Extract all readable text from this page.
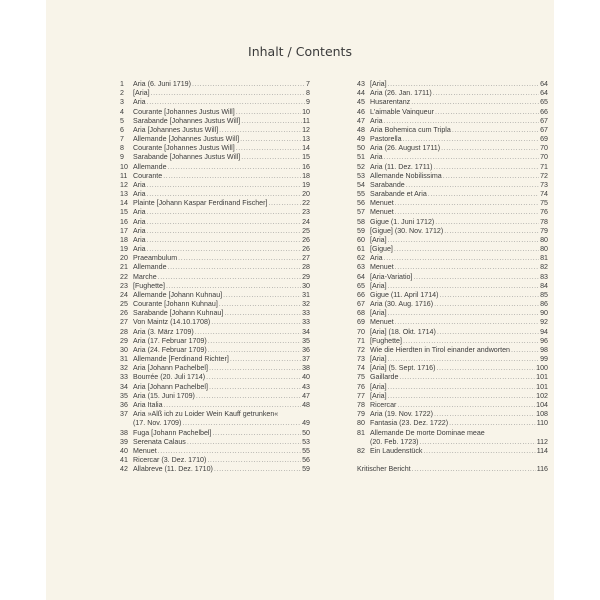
Inhalt / Contents
1	Aria (6. Juni 1719) .....	7
2	[Aria] .....	8
3	Aria .....	9
4	Courante [Johannes Justus Will] .....	10
5	Sarabande [Johannes Justus Will] .....	11
6	Aria [Johannes Justus Will] .....	12
7	Allemande [Johannes Justus Will] .....	13
8	Courante [Johannes Justus Will] .....	14
9	Sarabande [Johannes Justus Will] .....	15
10 Allemande .....	16
11 Courante .....	18
12 Aria .....	19
13 Aria .....	20
14 Plainte [Johann Kaspar Ferdinand Fischer] .....	22
15 Aria .....	23
16 Aria .....	24
17 Aria .....	25
18 Aria .....	26
19 Aria .....	26
20 Praeambulum .....	27
21 Allemande .....	28
22 Marche .....	29
23 [Fughette] .....	30
24 Allemande [Johann Kuhnau] .....	31
25 Courante [Johann Kuhnau] .....	32
26 Sarabande [Johann Kuhnau] .....	33
27 Von Maintz (14.10.1708) .....	33
28 Aria (3. März 1709) .....	34
29 Aria (17. Februar 1709) .....	35
30 Aria (24. Februar 1709) .....	36
31 Allemande [Ferdinand Richter] .....	37
32 Aria [Johann Pachelbel] .....	38
33 Bourrée (20. Juli 1714) .....	40
34 Aria [Johann Pachelbel] .....	43
35 Aria (15. Juni 1709) .....	47
36 Aria Italia .....	48
37 Aria »Alß ich zu Loider Wein Kauff getrunken«
(17. Nov. 1709) .....	49
38 Fuga [Johann Pachelbel] .....	50
39 Serenata Calaus .....	53
40 Menuet .....	55
41 Ricercar (3. Dez. 1710) .....	56
42 Allabreve (11. Dez. 1710) .....	59
43 [Aria] .....	64
44 Aria (26. Jan. 1711) .....	64
45 Husarentanz .....	65
46 L'aimable Vainqueur .....	66
47 Aria .....	67
48 Aria Bohemica cum Tripla .....	67
49 Pastorella .....	69
50 Aria (26. August 1711) .....	70
51 Aria .....	70
52 Aria (11. Dez. 1711) .....	71
53 Allemande Nobilissima .....	72
54 Sarabande .....	73
55 Sarabande et Aria .....	74
56 Menuet .....	75
57 Menuet .....	76
58 Gigue (1. Juni 1712) .....	78
59 [Gigue] (30. Nov. 1712) .....	79
60 [Aria] .....	80
61 [Gigue] .....	80
62 Aria .....	81
63 Menuet .....	82
64 [Aria-Variatio] .....	83
65 [Aria] .....	84
66 Gigue (11. April 1714) .....	85
67 Aria (30. Aug. 1716) .....	86
68 [Aria] .....	90
69 Menuet .....	92
70 [Aria] (18. Okt. 1714) .....	94
71 [Fughette] .....	96
72 Wie die Hierdten in Tirol einander andworten .....	98
73 [Aria] .....	99
74 [Aria] (5. Sept. 1716) .....	100
75 Gaillarde .....	101
76 [Aria] .....	101
77 [Aria] .....	102
78 Ricercar .....	104
79 Aria (19. Nov. 1722) .....	108
80 Fantasia (23. Dez. 1722) .....	110
81 Allemande De morte Dominae meae
(20. Feb. 1723) .....	112
82 Ein Laudenstück .....	114
Kritischer Bericht .....	116
